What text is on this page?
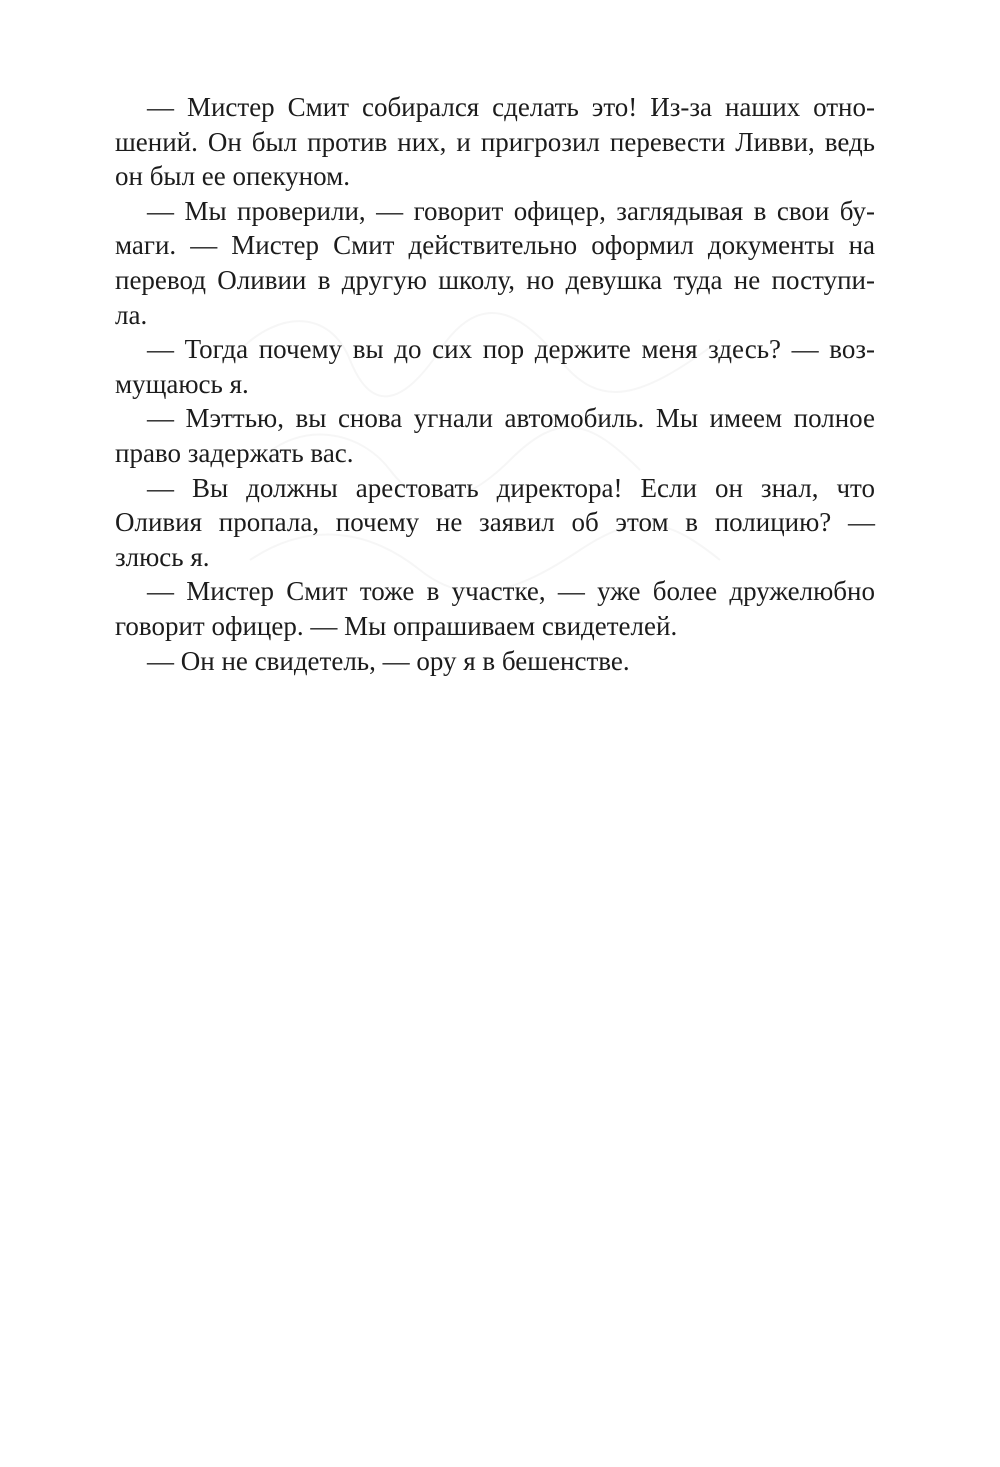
— Мистер Смит собирался сделать это! Из-за наших отно-
шений. Он был против них, и пригрозил перевести Ливви, ведь
он был ее опекуном.
— Мы проверили, — говорит офицер, заглядывая в свои бу-
маги. — Мистер Смит действительно оформил документы на
перевод Оливии в другую школу, но девушка туда не поступи-
ла.
— Тогда почему вы до сих пор держите меня здесь? — воз-
мущаюсь я.
— Мэттью, вы снова угнали автомобиль. Мы имеем полное
право задержать вас.
— Вы должны арестовать директора! Если он знал, что
Оливия пропала, почему не заявил об этом в полицию? —
злюсь я.
— Мистер Смит тоже в участке, — уже более дружелюбно
говорит офицер. — Мы опрашиваем свидетелей.
— Он не свидетель, — ору я в бешенстве.
